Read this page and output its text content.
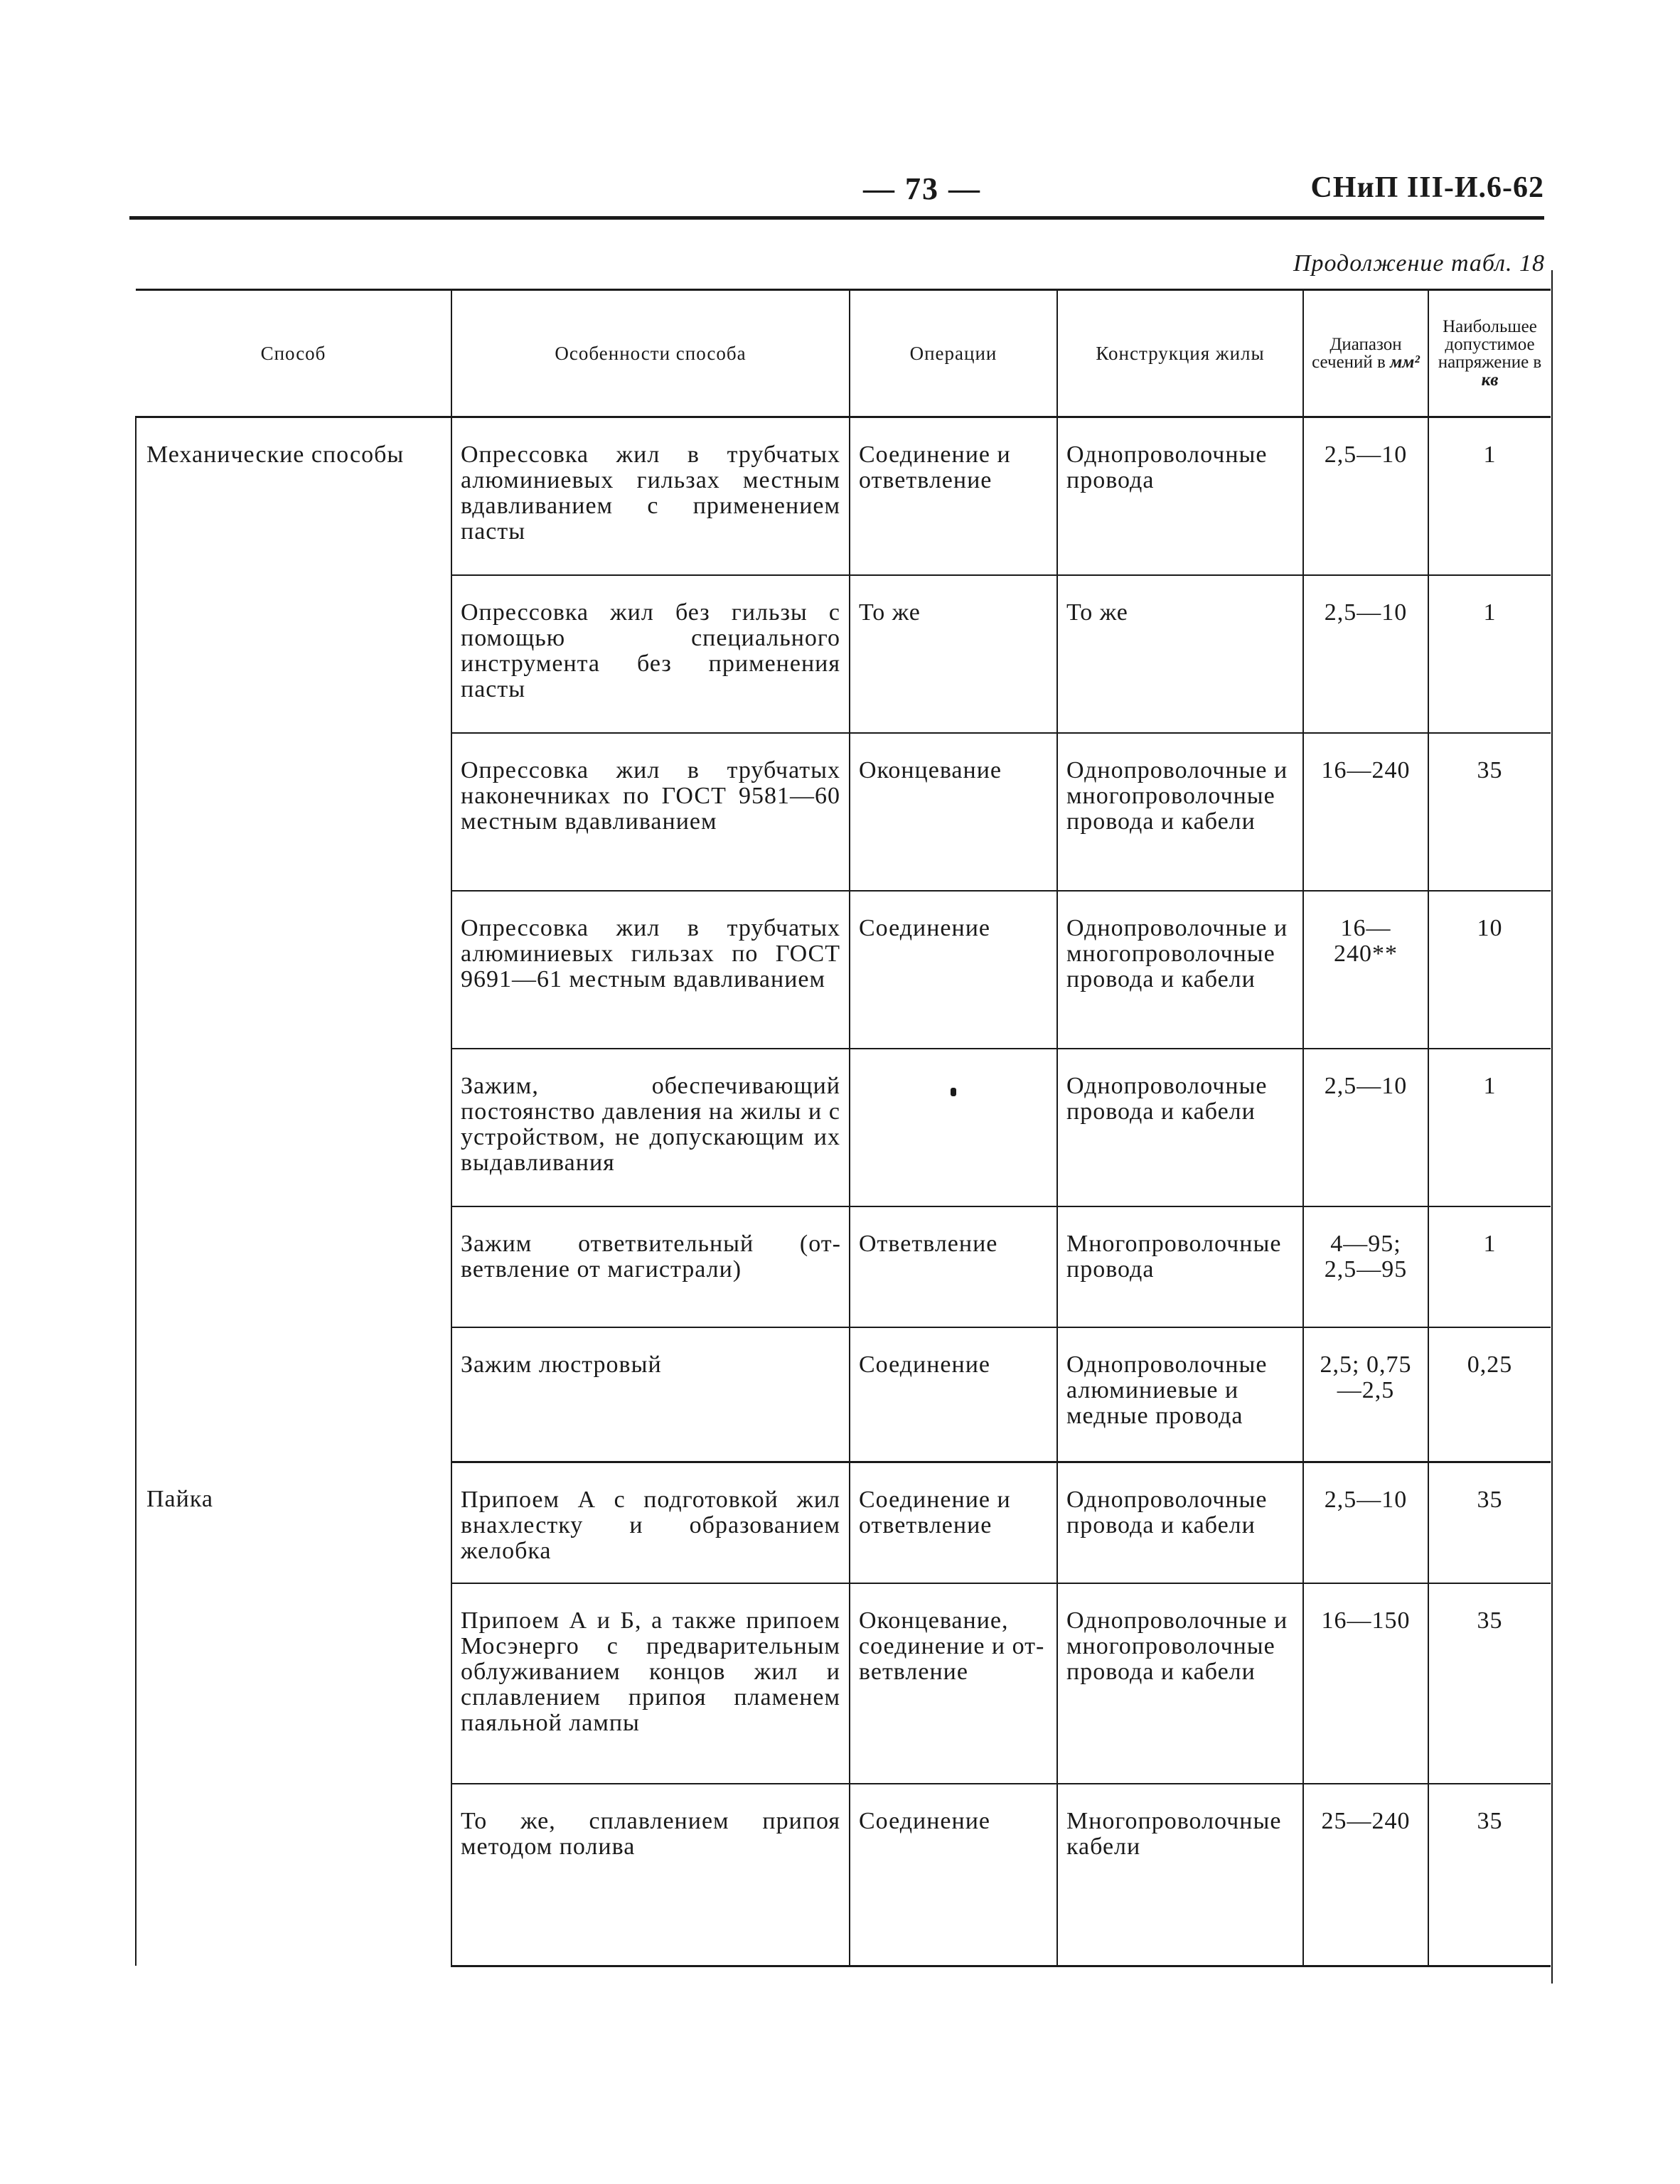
— 73 —	СНиП III-И.6-62
Продолжение табл. 18
Способ	Особенности способа	Операции	Конструкция жилы	Диапазон сечений в мм²	Наибольшее допустимое напряжение в кв
Механические способы	Опрессовка жил в трубчатых алюминиевых гильзах местным вдавливанием с применением пасты	Соединение и ответвление	Однопроволочные провода	2,5—10	1
	Опрессовка жил без гильзы с помощью специального инструмента без применения пасты	То же	То же	2,5—10	1
	Опрессовка жил в трубчатых наконечниках по ГОСТ 9581—60 местным вдавливанием	Оконцевание	Однопроволочные и многопроволочные провода и кабели	16—240	35
	Опрессовка жил в трубчатых алюминиевых гильзах по ГОСТ 9691—61 местным вдавливанием	Соединение	Однопроволочные и многопроволочные провода и кабели	16—240**	10
	Зажим, обеспечивающий постоянство давления на жилы и с устройством, не допускающим их выдавливания		Однопроволочные провода и кабели	2,5—10	1
	Зажим ответвительный (ответвление от магистрали)	Ответвление	Многопроволочные провода	4—95; 2,5—95	1
	Зажим люстровый	Соединение	Однопроволочные алюминиевые и медные провода	2,5; 0,75—2,5	0,25
Пайка	Припоем А с подготовкой жил внахлестку и образованием желобка	Соединение и ответвление	Однопроволочные провода и кабели	2,5—10	35
	Припоем А и Б, а также припоем Мосэнерго с предварительным облуживaнием концов жил и сплавлением припоя пламенем паяльной лампы	Оконцевание, соединение и ответвление	Однопроволочные и многопроволочные провода и кабели	16—150	35
	То же, сплавлением припоя методом полива	Соединение	Многопроволочные кабели	25—240	35
